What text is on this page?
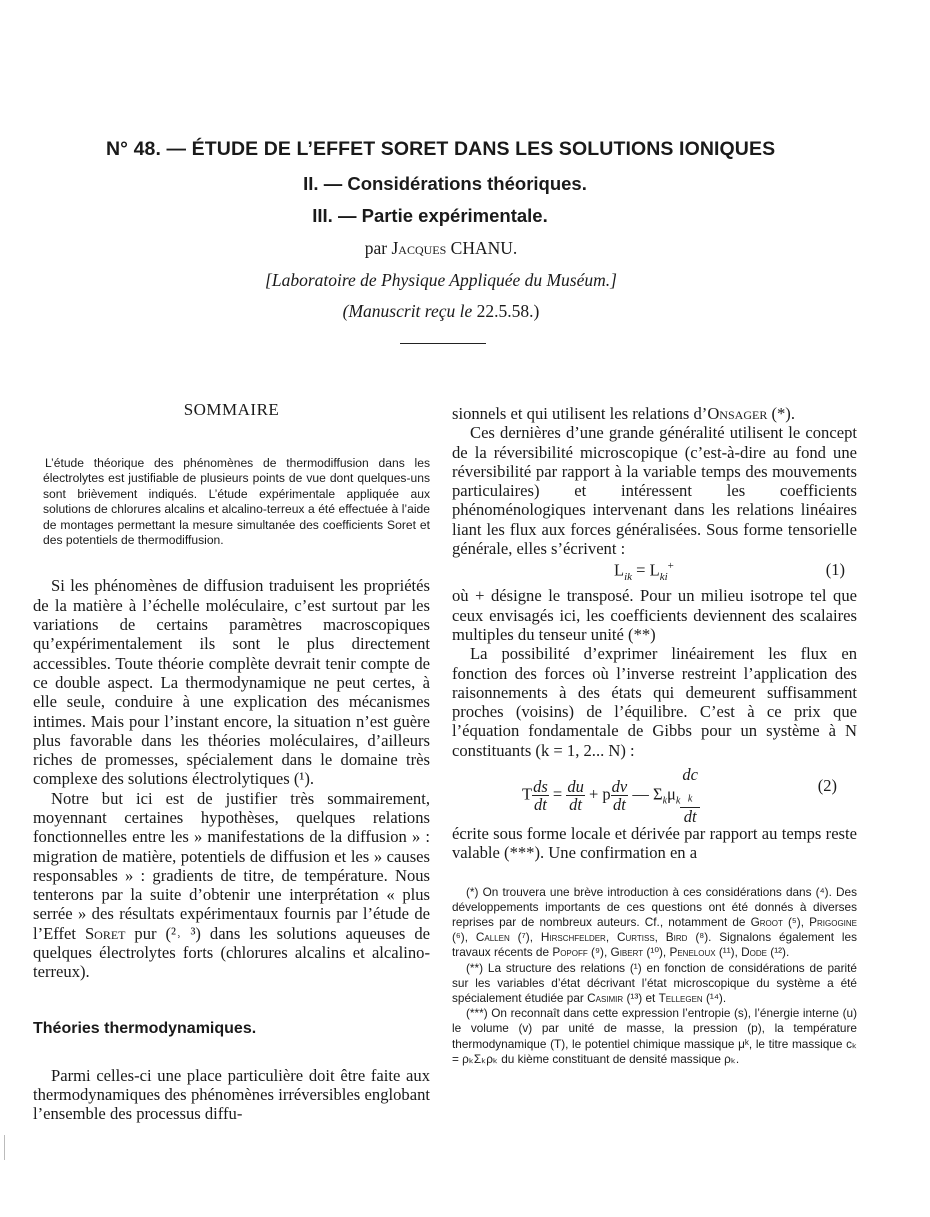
N° 48. — ÉTUDE DE L’EFFET SORET DANS LES SOLUTIONS IONIQUES
II. — Considérations théoriques.
III. — Partie expérimentale.
par Jacques CHANU.
[Laboratoire de Physique Appliquée du Muséum.]
(Manuscrit reçu le 22.5.58.)
SOMMAIRE

L’étude théorique des phénomènes de thermodiffusion dans les électrolytes est justifiable de plusieurs points de vue dont quelques-uns sont brièvement indiqués. L’étude expérimentale appliquée aux solutions de chlorures alcalins et alcalino-terreux a été effectuée à l’aide de montages permettant la mesure simultanée des coefficients Soret et des potentiels de thermodiffusion.

Si les phénomènes de diffusion traduisent les propriétés de la matière à l’échelle moléculaire, c’est surtout par les variations de certains paramètres macroscopiques qu’expérimentalement ils sont le plus directement accessibles. Toute théorie complète devrait tenir compte de ce double aspect. La thermodynamique ne peut certes, à elle seule, conduire à une explication des mécanismes intimes. Mais pour l’instant encore, la situation n’est guère plus favorable dans les théories moléculaires, d’ailleurs riches de promesses, spécialement dans le domaine très complexe des solutions électrolytiques (¹).

Notre but ici est de justifier très sommairement, moyennant certaines hypothèses, quelques relations fonctionnelles entre les » manifestations de la diffusion » : migration de matière, potentiels de diffusion et les » causes responsables » : gradients de titre, de température. Nous tenterons par la suite d’obtenir une interprétation « plus serrée » des résultats expérimentaux fournis par l’étude de l’Effet Soret pur (²˒ ³) dans les solutions aqueuses de quelques électrolytes forts (chlorures alcalins et alcalino-terreux).

Théories thermodynamiques.

Parmi celles-ci une place particulière doit être faite aux thermodynamiques des phénomènes irréversibles englobant l’ensemble des processus diffu-

sionnels et qui utilisent les relations d’Onsager (*).

Ces dernières d’une grande généralité utilisent le concept de la réversibilité microscopique (c’est-à-dire au fond une réversibilité par rapport à la variable temps des mouvements particulaires) et intéressent les coefficients phénoménologiques intervenant dans les relations linéaires liant les flux aux forces généralisées. Sous forme tensorielle générale, elles s’écrivent :

$L_{ik} = L_{ki}^+$	(1)

où + désigne le transposé. Pour un milieu isotrope tel que ceux envisagés ici, les coefficients deviennent des scalaires multiples du tenseur unité (**)

La possibilité d’exprimer linéairement les flux en fonction des forces où l’inverse restreint l’application des raisonnements à des états qui demeurent suffisamment proches (voisins) de l’équilibre. C’est à ce prix que l’équation fondamentale de Gibbs pour un système à N constituants (k = 1, 2... N) :

T $\frac{ds}{dt} = \frac{du}{dt} + p \frac{dv}{dt}$ — $\Sigma_k\mu_k$ dc
$_k$
dt	(2)

écrite sous forme locale et dérivée par rapport au temps reste valable (***). Une confirmation en a

(*) On trouvera une brève introduction à ces considérations dans (⁴). Des développements importants de ces questions ont été donnés à diverses reprises par de nombreux auteurs. Cf., notamment de Groot (⁵), Prigogine (⁶), Callen (⁷), Hirschfelder, Curtiss, Bird (⁸). Signalons également les travaux récents de Popoff (⁹), Gibert (¹⁰), Peneloux (¹¹), Dode (¹²).

(**) La structure des relations (¹) en fonction de considérations de parité sur les variables d’état décrivant l’état microscopique du système a été spécialement étudiée par Casimir (¹³) et Tellegen (¹⁴).

(***) On reconnaît dans cette expression l’entropie (s), l’énergie interne (u) le volume (v) par unité de masse, la pression (p), la température thermodynamique (T), le potentiel chimique massique μᵏ, le titre massique cₖ = ρₖΣₖρₖ du kième constituant de densité massique ρₖ.
